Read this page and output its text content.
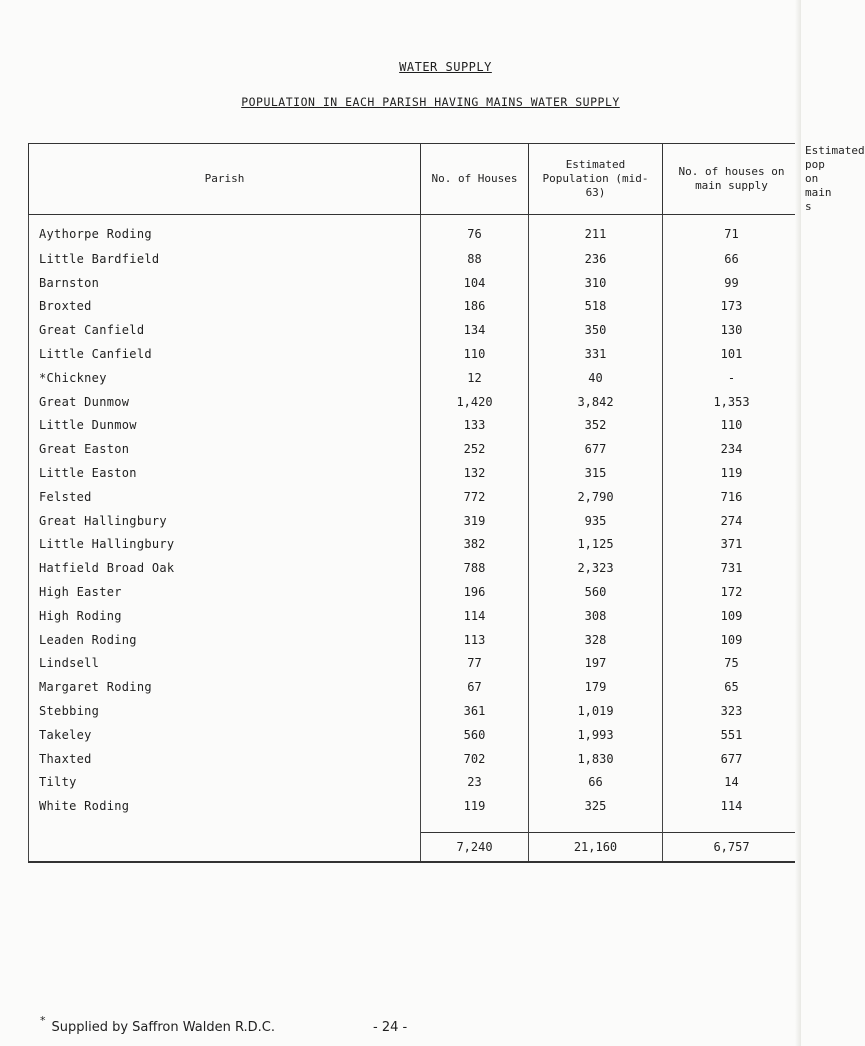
WATER SUPPLY
POPULATION IN EACH PARISH HAVING MAINS WATER SUPPLY
Parish	No. of Houses	Estimated Population (mid-63)	No. of houses on main supply	Estimated pop on main s
Aythorpe Roding	76	211	71	
Little Bardfield	88	236	66	
Barnston	104	310	99	
Broxted	186	518	173	
Great Canfield	134	350	130	
Little Canfield	110	331	101	
*Chickney	12	40	-	
Great Dunmow	1,420	3,842	1,353	
Little Dunmow	133	352	110	
Great Easton	252	677	234	
Little Easton	132	315	119	
Felsted	772	2,790	716	
Great Hallingbury	319	935	274	
Little Hallingbury	382	1,125	371	
Hatfield Broad Oak	788	2,323	731	
High Easter	196	560	172	
High Roding	114	308	109	
Leaden Roding	113	328	109	
Lindsell	77	197	75	
Margaret Roding	67	179	65	
Stebbing	361	1,019	323	
Takeley	560	1,993	551	
Thaxted	702	1,830	677	
Tilty	23	66	14	
White Roding	119	325	114	

	7,240	21,160	6,757	
* Supplied by Saffron Walden R.D.C.	- 24 -
